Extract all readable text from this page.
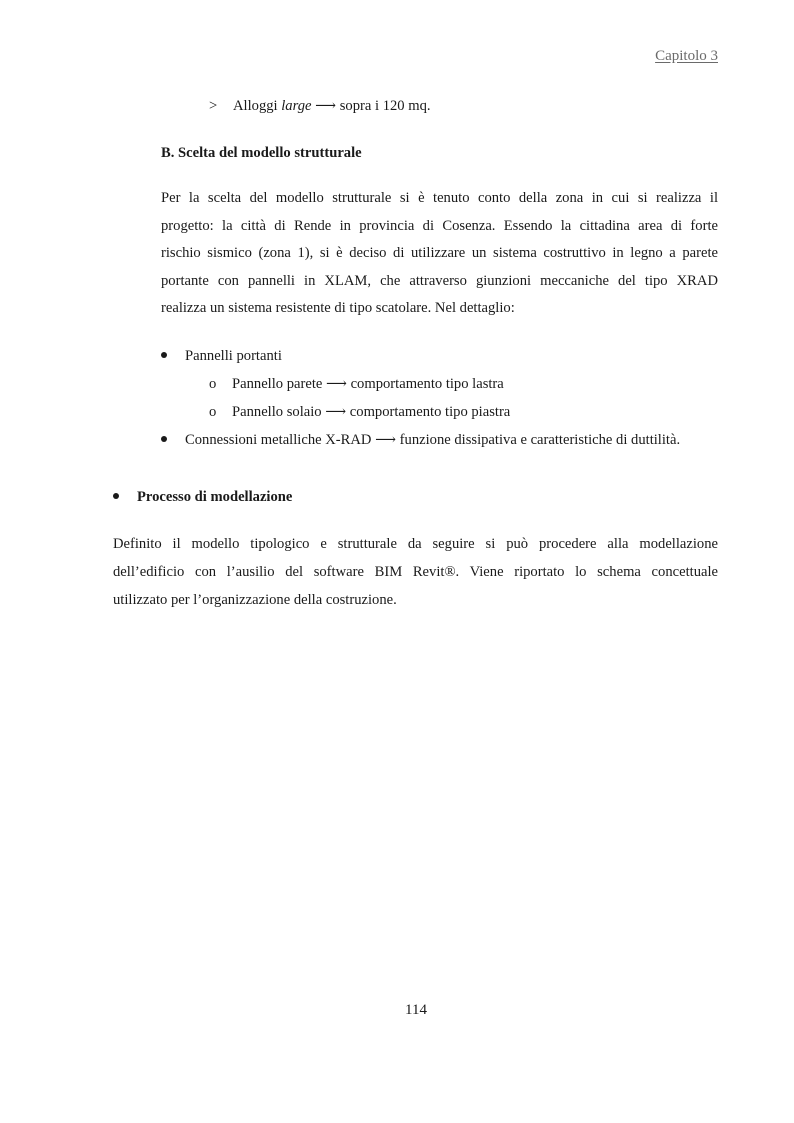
Capitolo 3
> Alloggi large ⟶ sopra i 120 mq.
B. Scelta del modello strutturale
Per la scelta del modello strutturale si è tenuto conto della zona in cui si realizza il
progetto: la città di Rende in provincia di Cosenza. Essendo la cittadina area di forte
rischio sismico (zona 1), si è deciso di utilizzare un sistema costruttivo in legno a parete
portante con pannelli in XLAM, che attraverso giunzioni meccaniche del tipo XRAD
realizza un sistema resistente di tipo scatolare. Nel dettaglio:
Pannelli portanti
o Pannello parete ⟶ comportamento tipo lastra
o Pannello solaio ⟶ comportamento tipo piastra
Connessioni metalliche X-RAD ⟶ funzione dissipativa e caratteristiche di duttilità.
Processo di modellazione
Definito il modello tipologico e strutturale da seguire si può procedere alla modellazione
dell’edificio con l’ausilio del software BIM Revit®. Viene riportato lo schema concettuale
utilizzato per l’organizzazione della costruzione.
114
